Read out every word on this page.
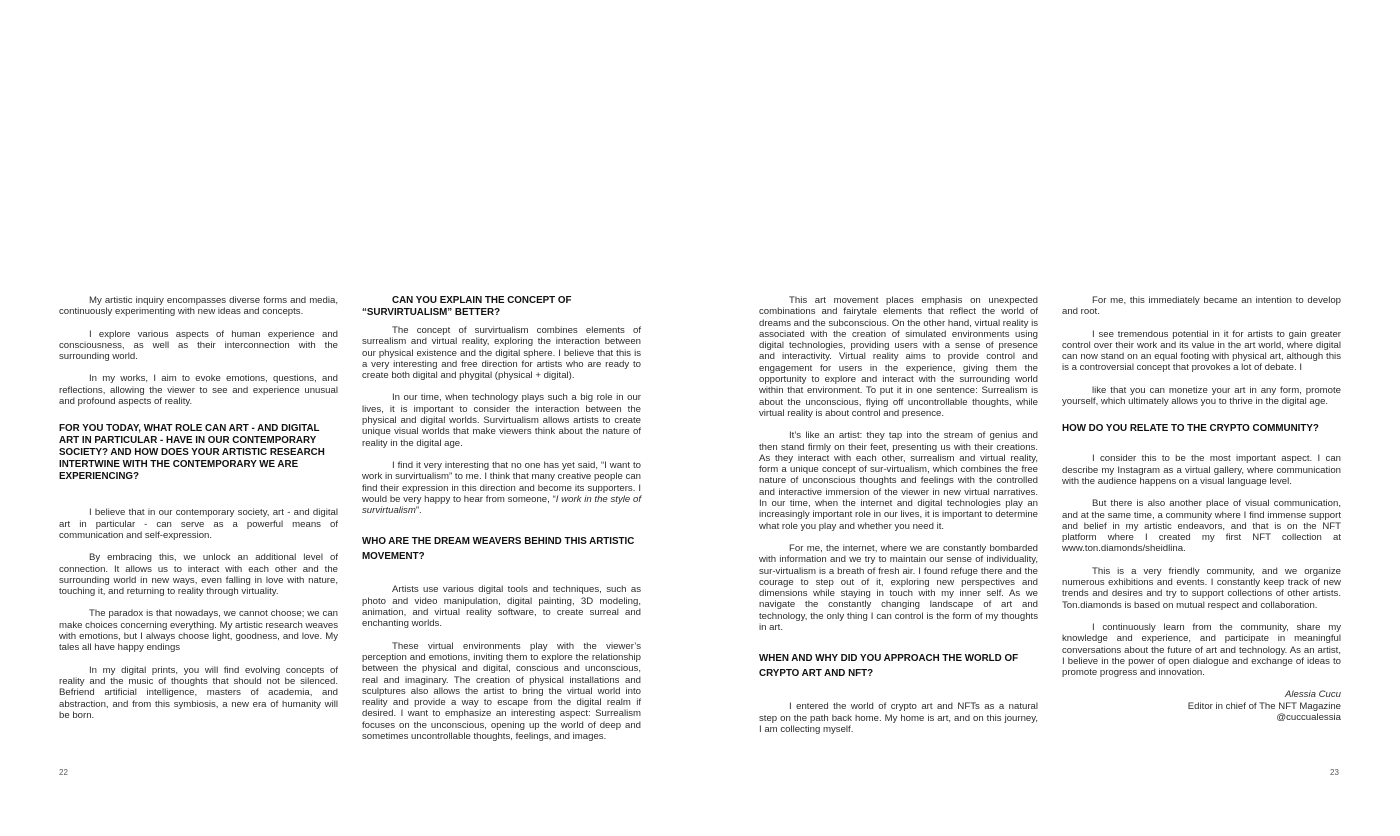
My artistic inquiry encompasses diverse forms and media, continuously experimenting with new ideas and concepts.

I explore various aspects of human experience and consciousness, as well as their interconnection with the surrounding world.

In my works, I aim to evoke emotions, questions, and reflections, allowing the viewer to see and experience unusual and profound aspects of reality.

FOR YOU TODAY, WHAT ROLE CAN ART - AND DIGITAL ART IN PARTICULAR - HAVE IN OUR CONTEMPORARY SOCIETY? AND HOW DOES YOUR ARTISTIC RESEARCH INTERTWINE WITH THE CONTEMPORARY WE ARE EXPERIENCING?

I believe that in our contemporary society, art - and digital art in particular - can serve as a powerful means of communication and self-expression.

By embracing this, we unlock an additional level of connection. It allows us to interact with each other and the surrounding world in new ways, even falling in love with nature, touching it, and returning to reality through virtuality.

The paradox is that nowadays, we cannot choose; we can make choices concerning everything. My artistic research weaves with emotions, but I always choose light, goodness, and love. My tales all have happy endings

In my digital prints, you will find evolving concepts of reality and the music of thoughts that should not be silenced. Befriend artificial intelligence, masters of academia, and abstraction, and from this symbiosis, a new era of humanity will be born.

CAN YOU EXPLAIN THE CONCEPT OF “SURVIRTUALISM” BETTER?

The concept of survirtualism combines elements of surrealism and virtual reality, exploring the interaction between our physical existence and the digital sphere. I believe that this is a very interesting and free direction for artists who are ready to create both digital and phygital (physical + digital).

In our time, when technology plays such a big role in our lives, it is important to consider the interaction between the physical and digital worlds. Survirtualism allows artists to create unique visual worlds that make viewers think about the nature of reality in the digital age.

I find it very interesting that no one has yet said, “I want to work in survirtualism” to me. I think that many creative people can find their expression in this direction and become its supporters. I would be very happy to hear from someone, “I work in the style of survirtualism”.

WHO ARE THE DREAM WEAVERS BEHIND THIS ARTISTIC MOVEMENT?

Artists use various digital tools and techniques, such as photo and video manipulation, digital painting, 3D modeling, animation, and virtual reality software, to create surreal and enchanting worlds.

These virtual environments play with the viewer’s perception and emotions, inviting them to explore the relationship between the physical and digital, conscious and unconscious, real and imaginary. The creation of physical installations and sculptures also allows the artist to bring the virtual world into reality and provide a way to escape from the digital realm if desired. I want to emphasize an interesting aspect: Surrealism focuses on the unconscious, opening up the world of deep and sometimes uncontrollable thoughts, feelings, and images.

22

This art movement places emphasis on unexpected combinations and fairytale elements that reflect the world of dreams and the subconscious. On the other hand, virtual reality is associated with the creation of simulated environments using digital technologies, providing users with a sense of presence and interactivity. Virtual reality aims to provide control and engagement for users in the experience, giving them the opportunity to explore and interact with the surrounding world within that environment. To put it in one sentence: Surrealism is about the unconscious, flying off uncontrollable thoughts, while virtual reality is about control and presence.

It’s like an artist: they tap into the stream of genius and then stand firmly on their feet, presenting us with their creations. As they interact with each other, surrealism and virtual reality, form a unique concept of sur-virtualism, which combines the free nature of unconscious thoughts and feelings with the controlled and interactive immersion of the viewer in new virtual narratives. In our time, when the internet and digital technologies play an increasingly important role in our lives, it is important to determine what role you play and whether you need it.

For me, the internet, where we are constantly bombarded with information and we try to maintain our sense of individuality, sur-virtualism is a breath of fresh air. I found refuge there and the courage to step out of it, exploring new perspectives and dimensions while staying in touch with my inner self. As we navigate the constantly changing landscape of art and technology, the only thing I can control is the form of my thoughts in art.

WHEN AND WHY DID YOU APPROACH THE WORLD OF CRYPTO ART AND NFT?

I entered the world of crypto art and NFTs as a natural step on the path back home. My home is art, and on this journey, I am collecting myself.

For me, this immediately became an intention to develop and root.

I see tremendous potential in it for artists to gain greater control over their work and its value in the art world, where digital can now stand on an equal footing with physical art, although this is a controversial concept that provokes a lot of debate. I

like that you can monetize your art in any form, promote yourself, which ultimately allows you to thrive in the digital age.

HOW DO YOU RELATE TO THE CRYPTO COMMUNITY?

I consider this to be the most important aspect. I can describe my Instagram as a virtual gallery, where communication with the audience happens on a visual language level.

But there is also another place of visual communication, and at the same time, a community where I find immense support and belief in my artistic endeavors, and that is on the NFT platform where I created my first NFT collection at www.ton.diamonds/sheidlina.

This is a very friendly community, and we organize numerous exhibitions and events. I constantly keep track of new trends and desires and try to support collections of other artists. Ton.diamonds is based on mutual respect and collaboration.

I continuously learn from the community, share my knowledge and experience, and participate in meaningful conversations about the future of art and technology. As an artist, I believe in the power of open dialogue and exchange of ideas to promote progress and innovation.

Alessia Cucu
Editor in chief of The NFT Magazine
@cuccualessia
23
